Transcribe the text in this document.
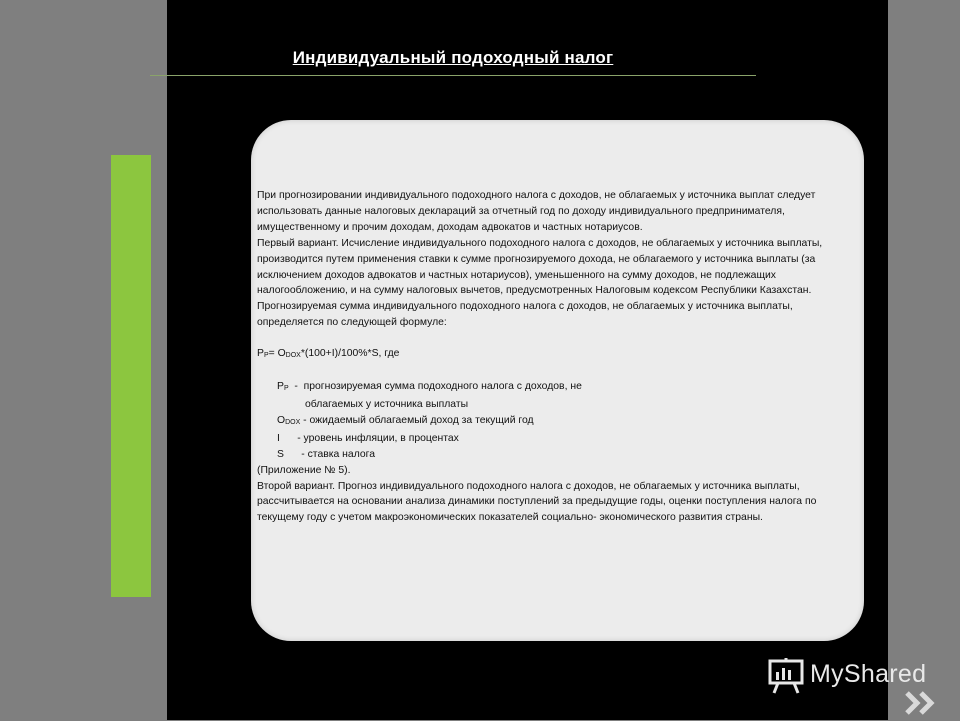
Индивидуальный подоходный налог

При прогнозировании индивидуального подоходного налога с доходов, не облагаемых у источника выплат следует использовать данные налоговых деклараций за отчетный год по доходу индивидуального предпринимателя, имущественному и прочим доходам, доходам адвокатов и частных нотариусов.

Первый вариант. Исчисление индивидуального подоходного налога с доходов, не облагаемых у источника выплаты, производится путем применения ставки к сумме прогнозируемого дохода, не облагаемого у источника выплаты (за исключением доходов адвокатов и частных нотариусов), уменьшенного на сумму доходов, не подлежащих налогообложению, и на сумму налоговых вычетов, предусмотренных Налоговым кодексом Республики Казахстан.

Прогнозируемая сумма индивидуального подоходного налога с доходов, не облагаемых у источника выплаты, определяется по следующей формуле:

$Р_Р= О_{DOX}*(100+I)/100\%*S$, где

$Р_Р$  -  прогнозируемая сумма подоходного налога с доходов, не

облагаемых у источника выплаты

$О_{DOX}$ - ожидаемый облагаемый доход за текущий год

I      - уровень инфляции, в процентах

S      - ставка налога

(Приложение № 5).

Второй вариант. Прогноз индивидуального подоходного налога с доходов, не облагаемых у источника выплаты, рассчитывается на основании анализа динамики поступлений за предыдущие годы, оценки поступления налога по текущему году с учетом макроэкономических показателей социально- экономического развития страны.

MyShared
